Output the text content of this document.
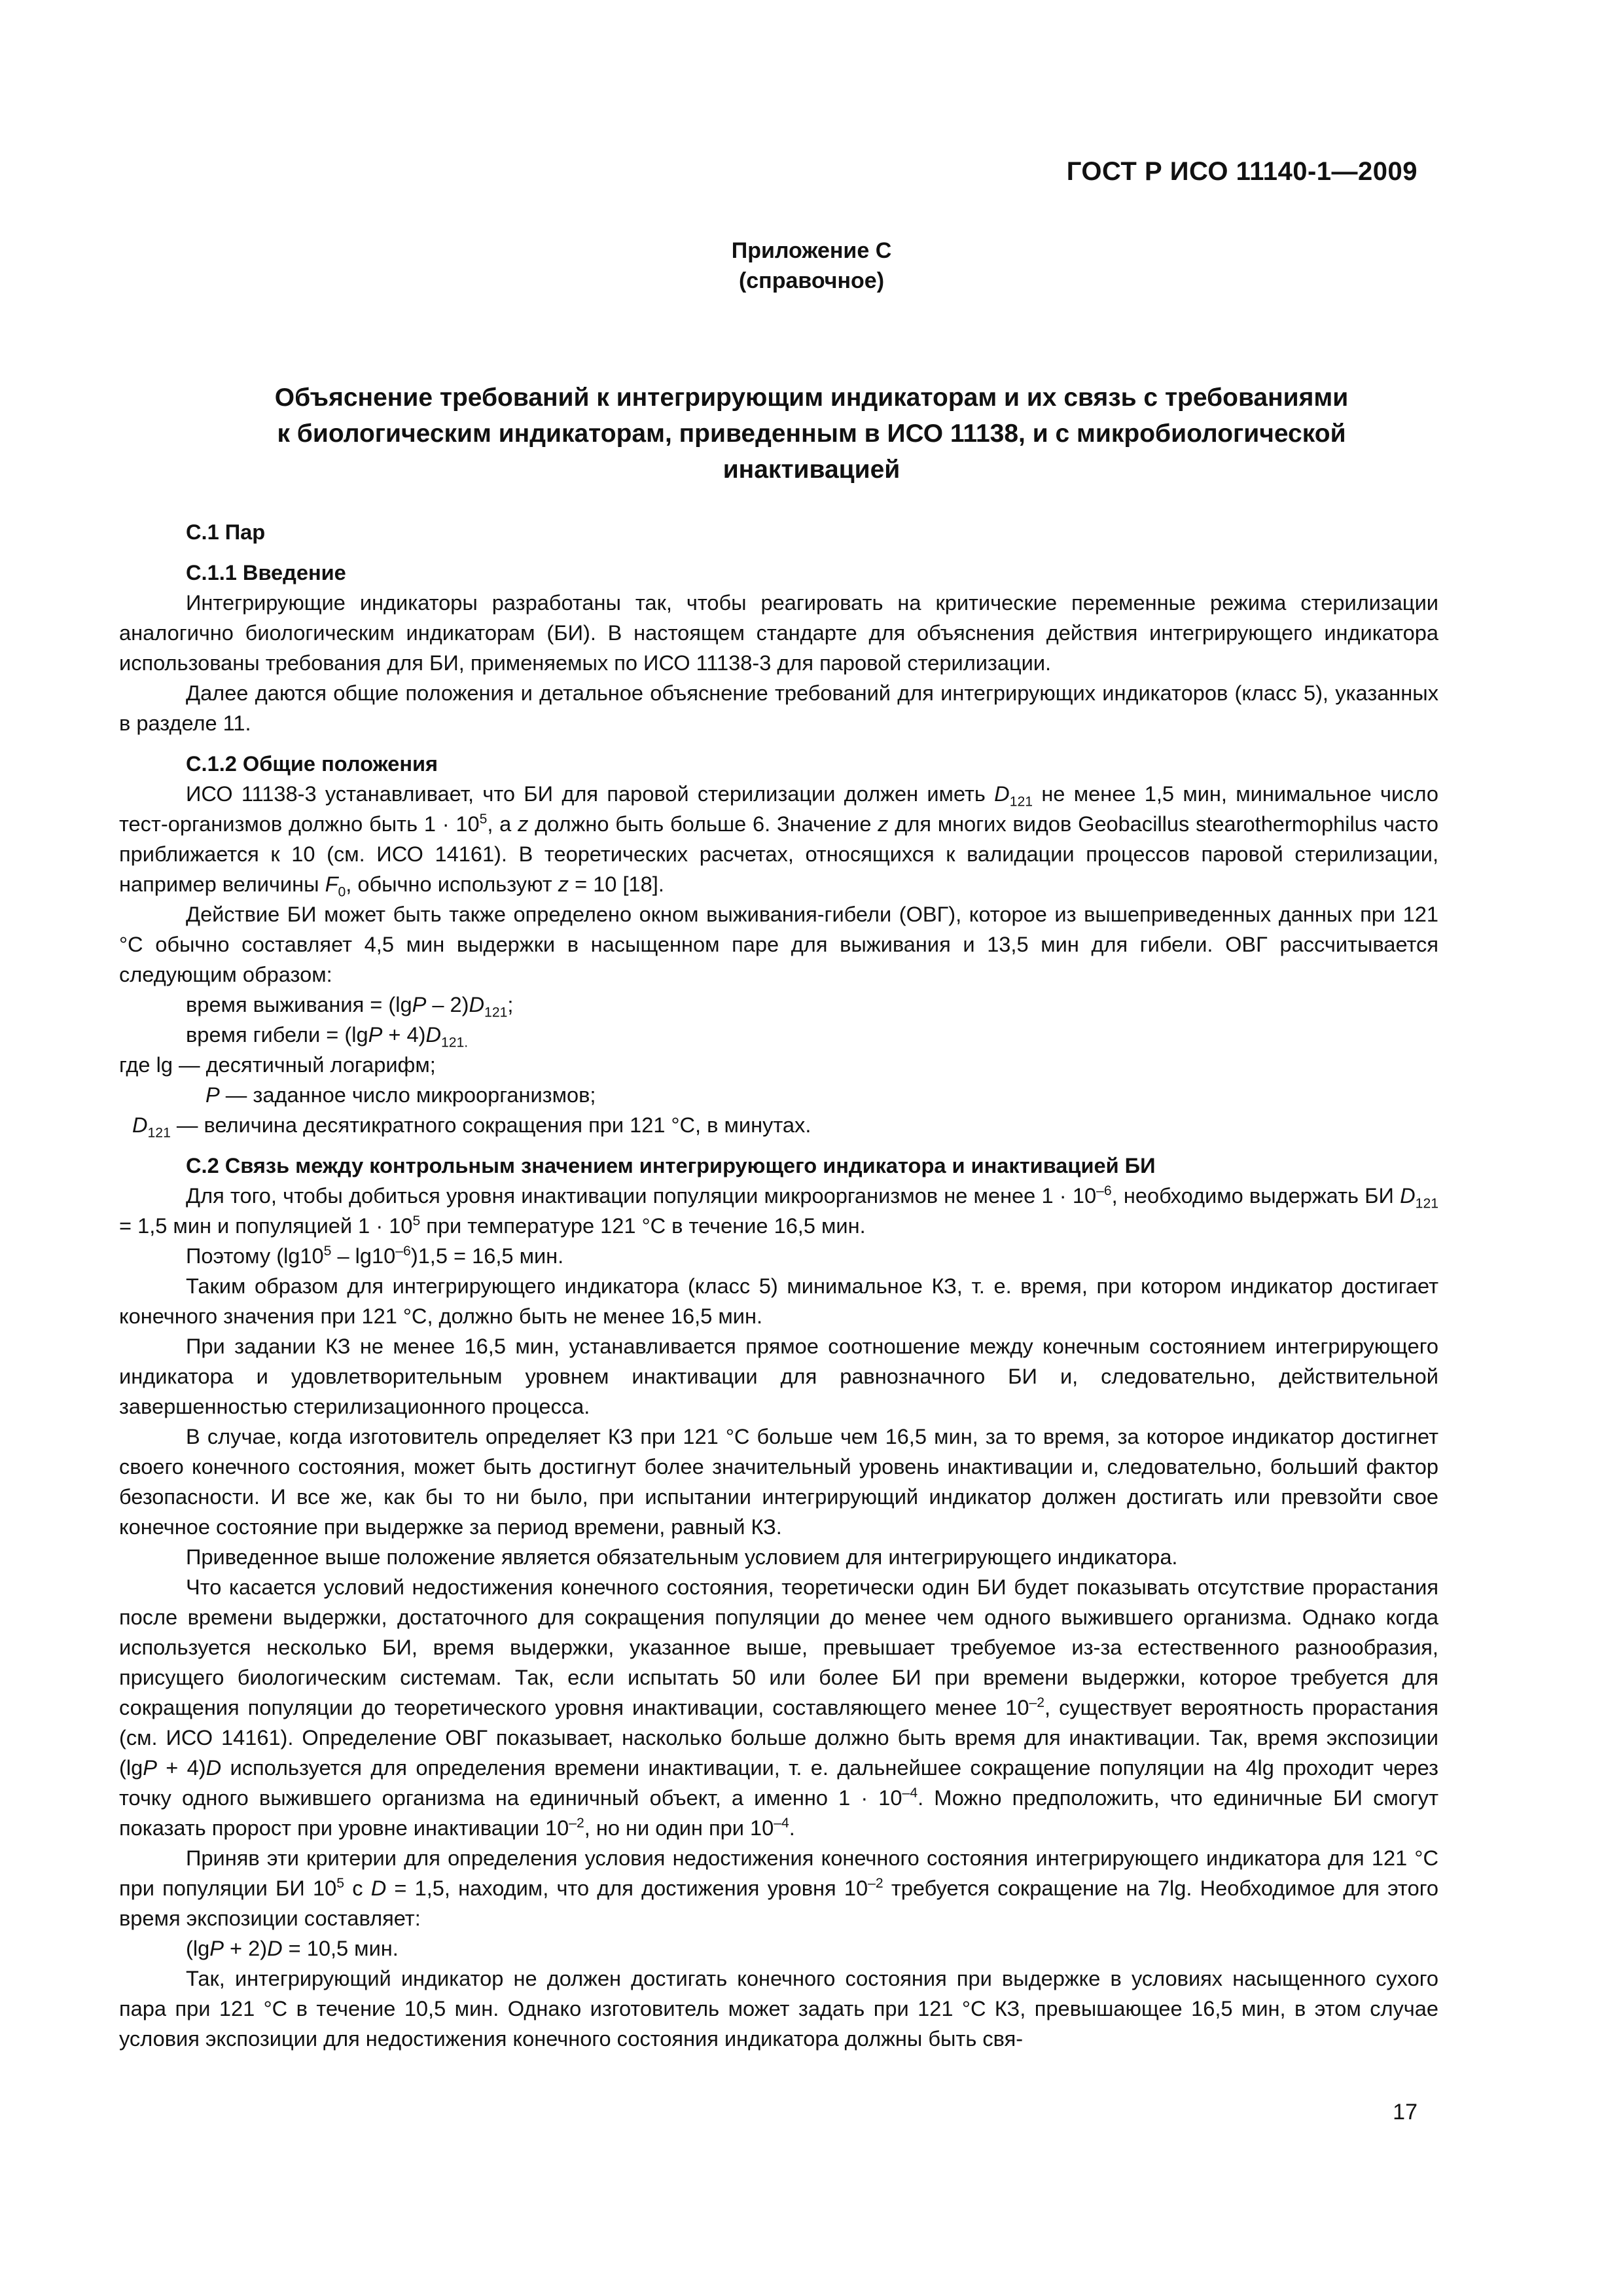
ГОСТ Р ИСО 11140-1—2009
Приложение C
(справочное)
Объяснение требований к интегрирующим индикаторам и их связь с требованиями
к биологическим индикаторам, приведенным в ИСО 11138, и с микробиологической
инактивацией

С.1 Пар

С.1.1 Введение

Интегрирующие индикаторы разработаны так, чтобы реагировать на критические переменные режима стерилизации аналогично биологическим индикаторам (БИ). В настоящем стандарте для объяснения действия интегрирующего индикатора использованы требования для БИ, применяемых по ИСО 11138-3 для паровой стерилизации.

Далее даются общие положения и детальное объяснение требований для интегрирующих индикаторов (класс 5), указанных в разделе 11.

С.1.2 Общие положения

ИСО 11138-3 устанавливает, что БИ для паровой стерилизации должен иметь $D_{121}$ не менее 1,5 мин, минимальное число тест-организмов должно быть $1 \cdot 10^5$, а z должно быть больше 6. Значение z для многих видов Geobacillus stearothermophilus часто приближается к 10 (см. ИСО 14161). В теоретических расчетах, относящихся к валидации процессов паровой стерилизации, например величины $F_0$, обычно используют z = 10 [18].

Действие БИ может быть также определено окном выживания-гибели (ОВГ), которое из вышеприведенных данных при 121 °С обычно составляет 4,5 мин выдержки в насыщенном паре для выживания и 13,5 мин для гибели. ОВГ рассчитывается следующим образом:

время выживания = $(\lg P - 2)D_{121}$;

время гибели = $(\lg P + 4)D_{121.}$

где lg — десятичный логарифм;

P — заданное число микроорганизмов;

$D_{121}$ — величина десятикратного сокращения при 121 °С, в минутах.

С.2 Связь между контрольным значением интегрирующего индикатора и инактивацией БИ

Для того, чтобы добиться уровня инактивации популяции микроорганизмов не менее $1 \cdot 10^{-6}$, необходимо выдержать БИ $D_{121} = 1,5$ мин и популяцией $1 \cdot 10^5$ при температуре 121 °С в течение 16,5 мин.

Поэтому $(\lg 10^5 - \lg 10^{-6})1,5 = 16,5$ мин.

Таким образом для интегрирующего индикатора (класс 5) минимальное КЗ, т. е. время, при котором индикатор достигает конечного значения при 121 °С, должно быть не менее 16,5 мин.

При задании КЗ не менее 16,5 мин, устанавливается прямое соотношение между конечным состоянием интегрирующего индикатора и удовлетворительным уровнем инактивации для равнозначного БИ и, следовательно, действительной завершенностью стерилизационного процесса.

В случае, когда изготовитель определяет КЗ при 121 °С больше чем 16,5 мин, за то время, за которое индикатор достигнет своего конечного состояния, может быть достигнут более значительный уровень инактивации и, следовательно, больший фактор безопасности. И все же, как бы то ни было, при испытании интегрирующий индикатор должен достигать или превзойти свое конечное состояние при выдержке за период времени, равный КЗ.

Приведенное выше положение является обязательным условием для интегрирующего индикатора.

Что касается условий недостижения конечного состояния, теоретически один БИ будет показывать отсутствие прорастания после времени выдержки, достаточного для сокращения популяции до менее чем одного выжившего организма. Однако когда используется несколько БИ, время выдержки, указанное выше, превышает требуемое из-за естественного разнообразия, присущего биологическим системам. Так, если испытать 50 или более БИ при времени выдержки, которое требуется для сокращения популяции до теоретического уровня инактивации, составляющего менее $10^{-2}$, существует вероятность прорастания (см. ИСО 14161). Определение ОВГ показывает, насколько больше должно быть время для инактивации. Так, время экспозиции (lgP + 4)D используется для определения времени инактивации, т. е. дальнейшее сокращение популяции на 4lg проходит через точку одного выжившего организма на единичный объект, а именно $1 \cdot 10^{-4}$. Можно предположить, что единичные БИ смогут показать пророст при уровне инактивации $10^{-2}$, но ни один при $10^{-4}$.

Приняв эти критерии для определения условия недостижения конечного состояния интегрирующего индикатора для 121 °С при популяции БИ $10^5$ с D = 1,5, находим, что для достижения уровня $10^{-2}$ требуется сокращение на 7lg. Необходимое для этого время экспозиции составляет:

(lgP + 2)D = 10,5 мин.

Так, интегрирующий индикатор не должен достигать конечного состояния при выдержке в условиях насыщенного сухого пара при 121 °С в течение 10,5 мин. Однако изготовитель может задать при 121 °С КЗ, превышающее 16,5 мин, в этом случае условия экспозиции для недостижения конечного состояния индикатора должны быть свя-

17
